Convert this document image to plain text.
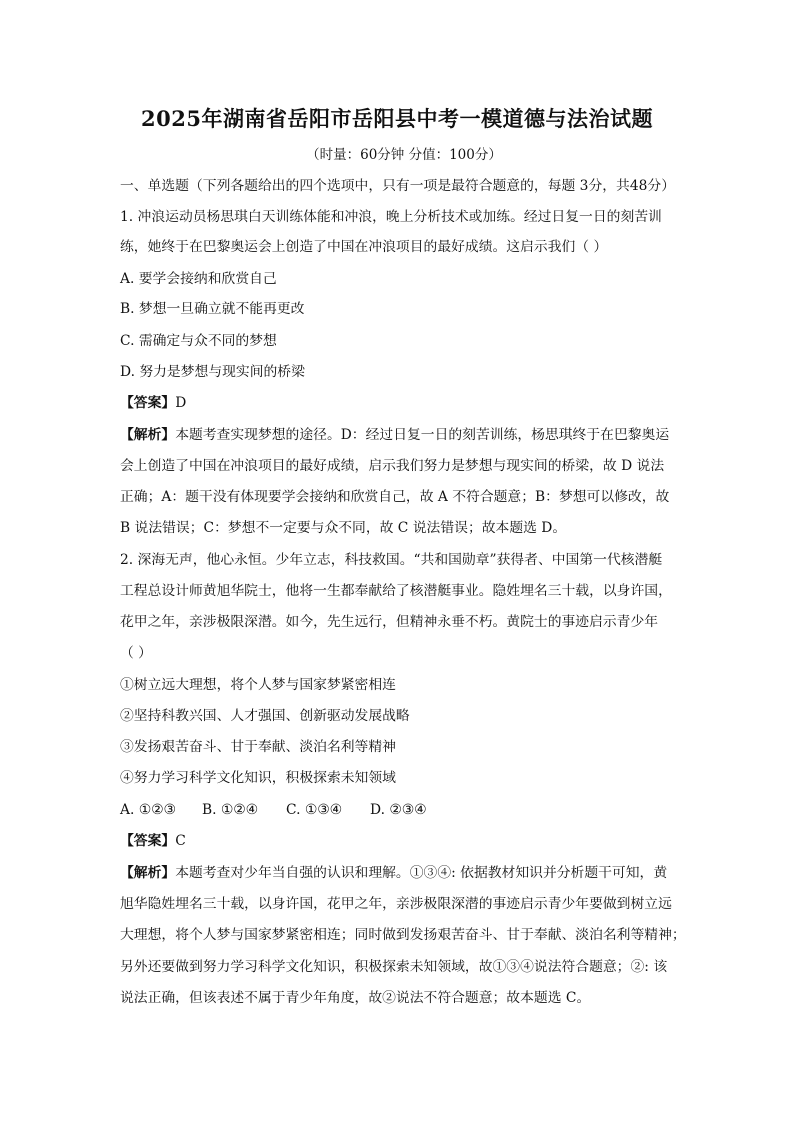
2025年湖南省岳阳市岳阳县中考一模道德与法治试题
（时量：60分钟 分值：100分）
一、单选题（下列各题给出的四个选项中，只有一项是最符合题意的，每题 3分，共48分）
1. 冲浪运动员杨思琪白天训练体能和冲浪，晚上分析技术或加练。经过日复一日的刻苦训
练，她终于在巴黎奥运会上创造了中国在冲浪项目的最好成绩。这启示我们（ ）
A. 要学会接纳和欣赏自己
B. 梦想一旦确立就不能再更改
C. 需确定与众不同的梦想
D. 努力是梦想与现实间的桥梁
【答案】D
【解析】本题考查实现梦想的途径。D：经过日复一日的刻苦训练，杨思琪终于在巴黎奥运
会上创造了中国在冲浪项目的最好成绩，启示我们努力是梦想与现实间的桥梁，故 D 说法
正确；A：题干没有体现要学会接纳和欣赏自己，故 A 不符合题意；B：梦想可以修改，故
B 说法错误；C：梦想不一定要与众不同，故 C 说法错误；故本题选 D。
2. 深海无声，他心永恒。少年立志，科技救国。“共和国勋章”获得者、中国第一代核潜艇
工程总设计师黄旭华院士，他将一生都奉献给了核潜艇事业。隐姓埋名三十载，以身许国，
花甲之年，亲涉极限深潜。如今，先生远行，但精神永垂不朽。黄院士的事迹启示青少年
（ ）
①树立远大理想，将个人梦与国家梦紧密相连
②坚持科教兴国、人才强国、创新驱动发展战略
③发扬艰苦奋斗、甘于奉献、淡泊名利等精神
④努力学习科学文化知识，积极探索未知领域
A. ①②③ B. ①②④ C. ①③④ D. ②③④
【答案】C
【解析】本题考查对少年当自强的认识和理解。①③④: 依据教材知识并分析题干可知，黄
旭华隐姓埋名三十载，以身许国，花甲之年，亲涉极限深潜的事迹启示青少年要做到树立远
大理想，将个人梦与国家梦紧密相连；同时做到发扬艰苦奋斗、甘于奉献、淡泊名利等精神；
另外还要做到努力学习科学文化知识，积极探索未知领域，故①③④说法符合题意；②: 该
说法正确，但该表述不属于青少年角度，故②说法不符合题意；故本题选 C。
